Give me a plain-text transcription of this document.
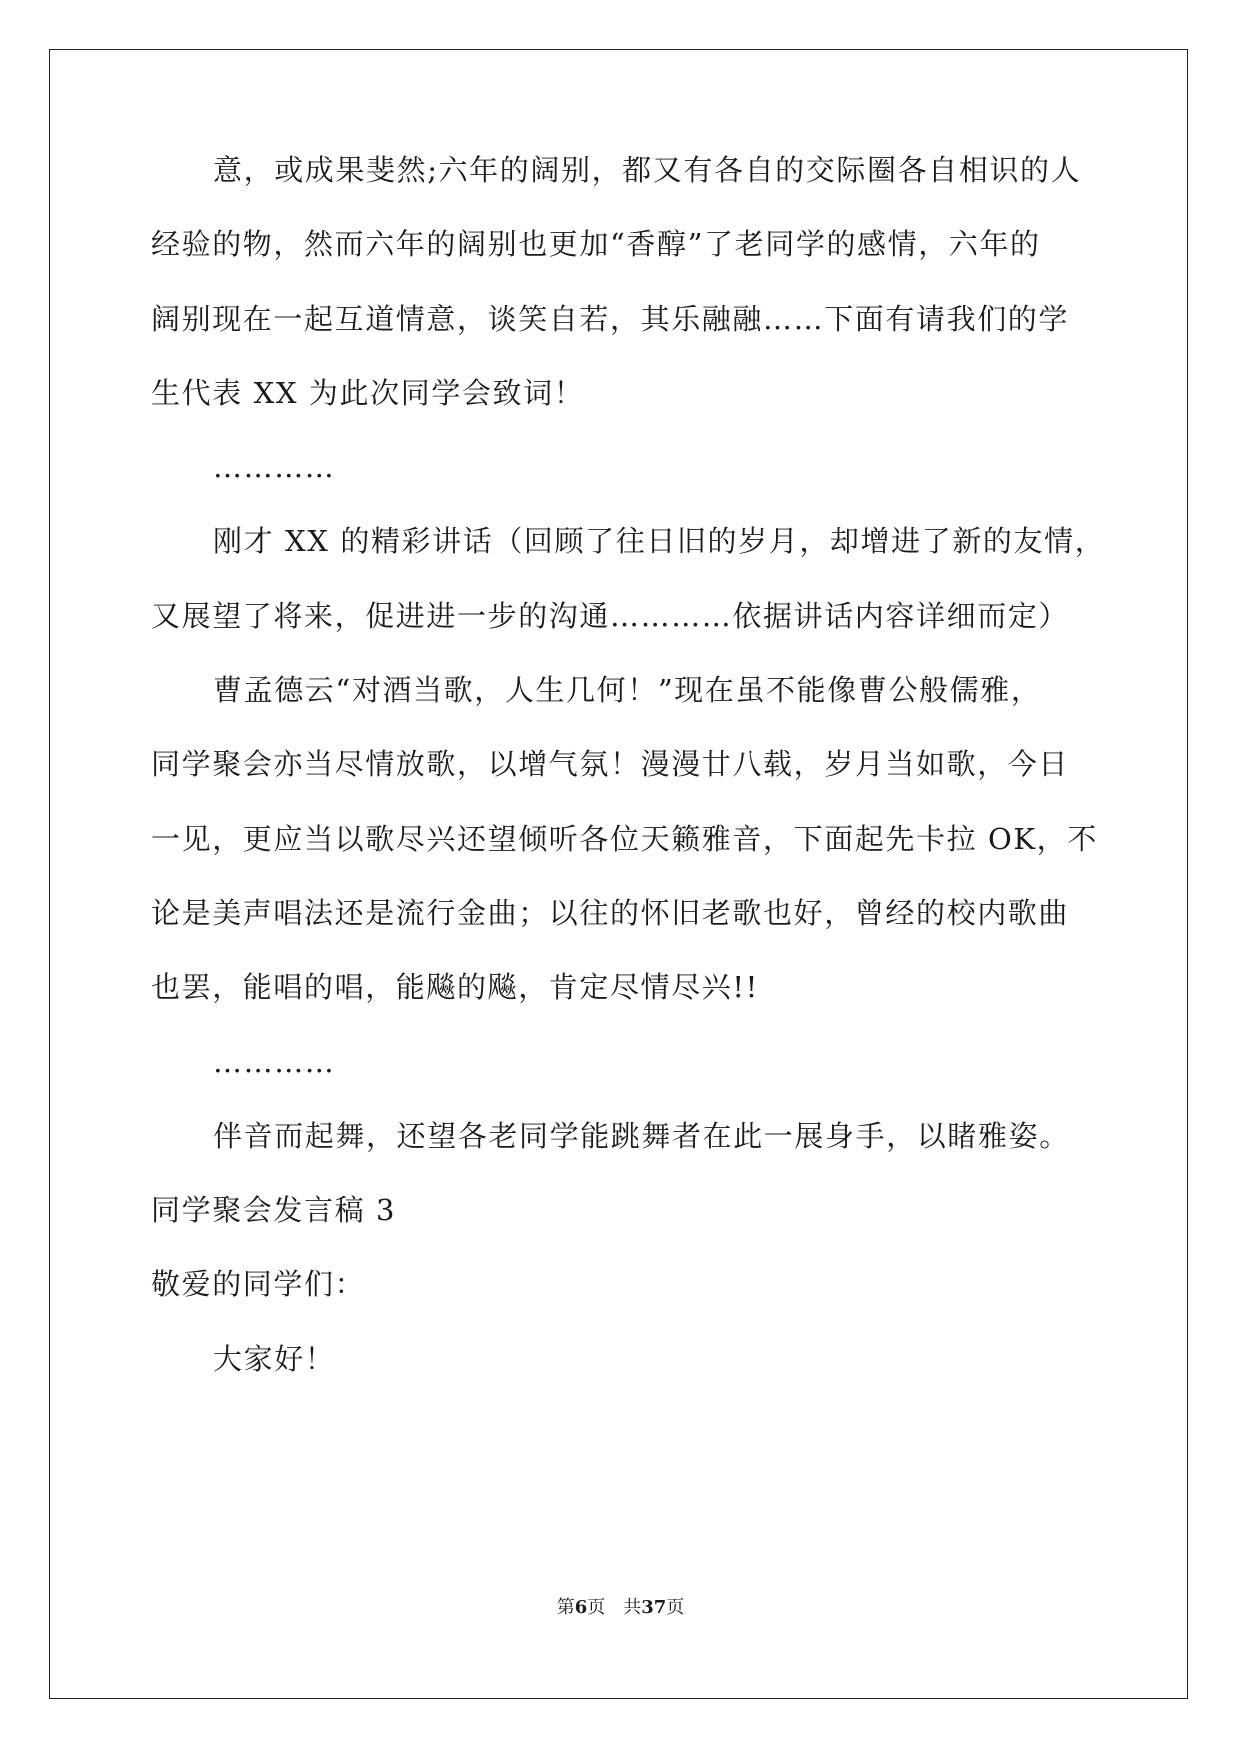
意，或成果斐然;六年的阔别，都又有各自的交际圈各自相识的人
经验的物，然而六年的阔别也更加“香醇”了老同学的感情，六年的
阔别现在一起互道情意，谈笑自若，其乐融融……下面有请我们的学
生代表 XX 为此次同学会致词！
…………
刚才 XX 的精彩讲话（回顾了往日旧的岁月，却增进了新的友情，
又展望了将来，促进进一步的沟通…………依据讲话内容详细而定）
曹孟德云“对酒当歌，人生几何！”现在虽不能像曹公般儒雅，
同学聚会亦当尽情放歌，以增气氛！漫漫廿八载，岁月当如歌，今日
一见，更应当以歌尽兴还望倾听各位天籁雅音，下面起先卡拉 OK，不
论是美声唱法还是流行金曲；以往的怀旧老歌也好，曾经的校内歌曲
也罢，能唱的唱，能飚的飚，肯定尽情尽兴!!
…………
伴音而起舞，还望各老同学能跳舞者在此一展身手，以睹雅姿。
同学聚会发言稿 3
敬爱的同学们：
大家好！
第6页　共37页
